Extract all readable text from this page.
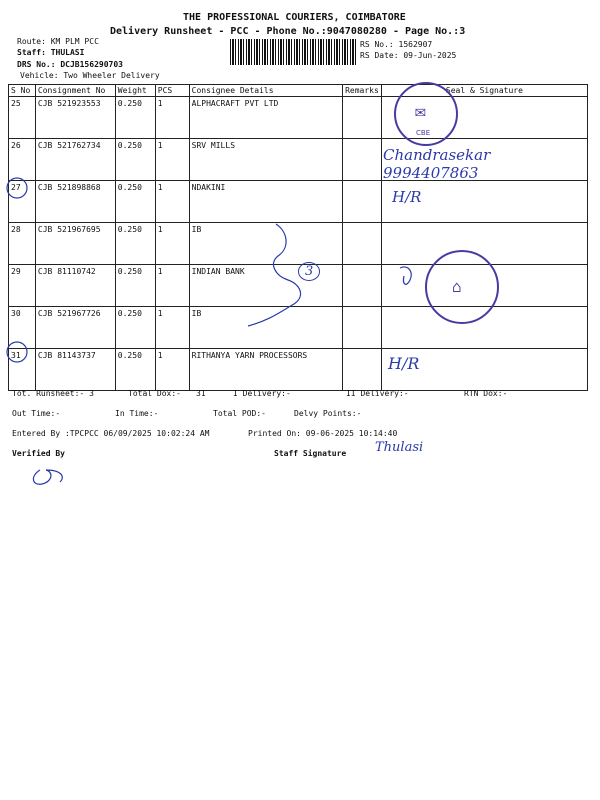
THE PROFESSIONAL COURIERS, COIMBATORE
Delivery Runsheet - PCC - Phone No.:9047080280 - Page No.:3
Route: KM PLM PCC
Staff: THULASI
DRS No.: DCJB156290703
Vehicle: Two Wheeler Delivery
RS No.: 1562907
RS Date: 09-Jun-2025
S No	Consignment No	Weight	PCS	Consignee Details	Remarks	Seal & Signature
25	CJB 521923553	0.250	1	ALPHACRAFT PVT LTD		
26	CJB 521762734	0.250	1	SRV MILLS		
27	CJB 521898868	0.250	1	NDAKINI		
28	CJB 521967695	0.250	1	IB		
29	CJB 81110742	0.250	1	INDIAN BANK		
30	CJB 521967726	0.250	1	IB		
31	CJB 81143737	0.250	1	RITHANYA YARN PROCESSORS		
✉
CBE
⌂
Chandrasekar
9994407863
H/R
H/R
3
Thulasi
Tot. Runsheet:- 3	Total Dox:- 31	I Delivery:-	II Delivery:-	RTN Dox:-
Out Time:-	In Time:-	Total POD:-	Delvy Points:-
Entered By :TPCPCC 06/09/2025 10:02:24 AM	Printed On: 09-06-2025 10:14:40
Verified By	Staff Signature
